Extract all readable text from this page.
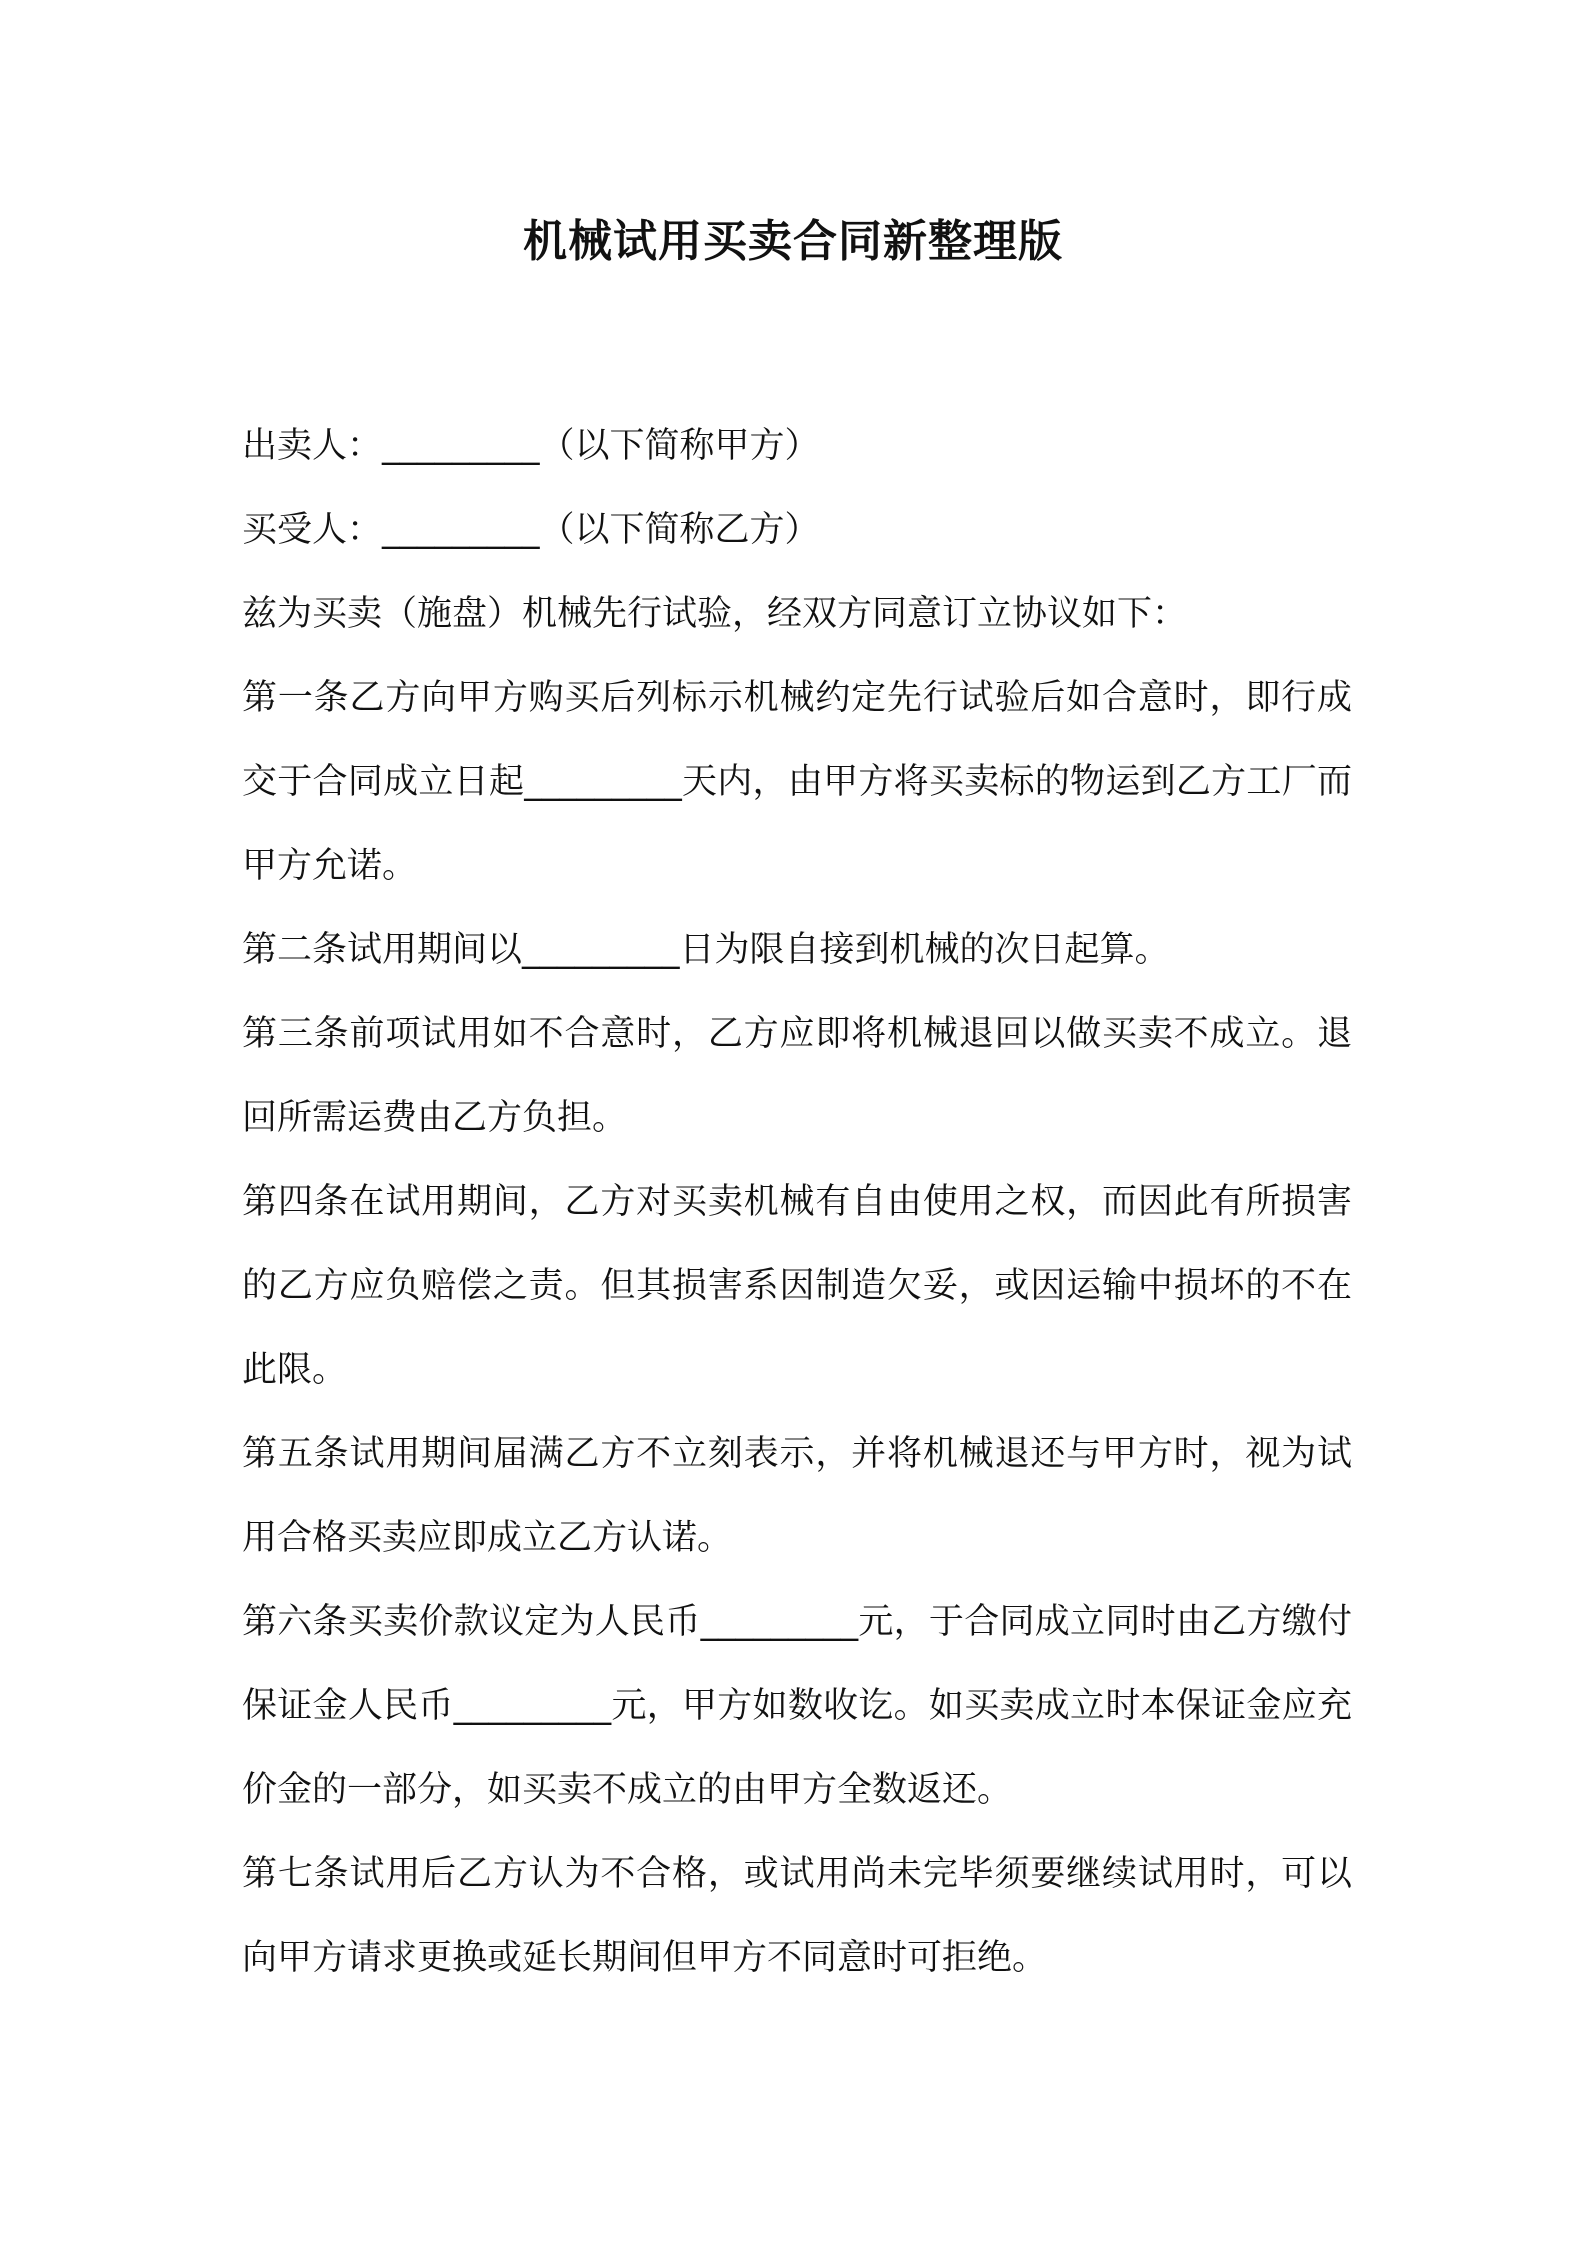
机械试用买卖合同新整理版

出卖人：_________（以下简称甲方）

买受人：_________（以下简称乙方）

兹为买卖（施盘）机械先行试验，经双方同意订立协议如下：

第一条乙方向甲方购买后列标示机械约定先行试验后如合意时，即行成交于合同成立日起_________天内，由甲方将买卖标的物运到乙方工厂而甲方允诺。

第二条试用期间以_________日为限自接到机械的次日起算。

第三条前项试用如不合意时，乙方应即将机械退回以做买卖不成立。退回所需运费由乙方负担。

第四条在试用期间，乙方对买卖机械有自由使用之权，而因此有所损害的乙方应负赔偿之责。但其损害系因制造欠妥，或因运输中损坏的不在此限。

第五条试用期间届满乙方不立刻表示，并将机械退还与甲方时，视为试用合格买卖应即成立乙方认诺。

第六条买卖价款议定为人民币_________元，于合同成立同时由乙方缴付保证金人民币_________元，甲方如数收讫。如买卖成立时本保证金应充价金的一部分，如买卖不成立的由甲方全数返还。

第七条试用后乙方认为不合格，或试用尚未完毕须要继续试用时，可以向甲方请求更换或延长期间但甲方不同意时可拒绝。
